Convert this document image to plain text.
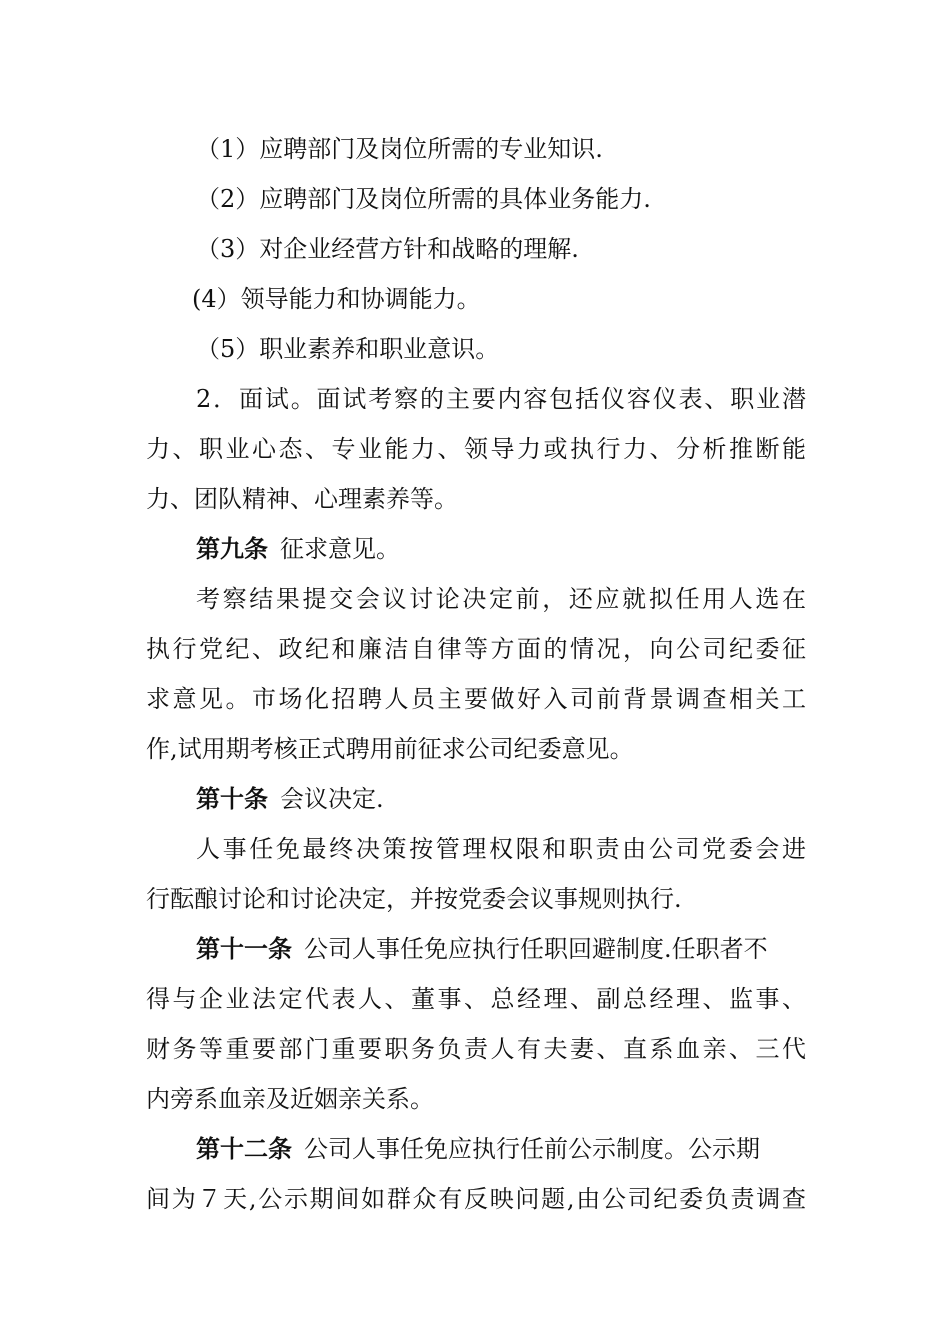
（1）应聘部门及岗位所需的专业知识.
（2）应聘部门及岗位所需的具体业务能力.
（3）对企业经营方针和战略的理解.
(4）领导能力和协调能力。
（5）职业素养和职业意识。
2．面试。面试考察的主要内容包括仪容仪表、职业潜
力、职业心态、专业能力、领导力或执行力、分析推断能
力、团队精神、心理素养等。
第九条 征求意见。
考察结果提交会议讨论决定前，还应就拟任用人选在
执行党纪、政纪和廉洁自律等方面的情况，向公司纪委征
求意见。市场化招聘人员主要做好入司前背景调查相关工
作,试用期考核正式聘用前征求公司纪委意见。
第十条 会议决定.
人事任免最终决策按管理权限和职责由公司党委会进
行酝酿讨论和讨论决定，并按党委会议事规则执行.
第十一条 公司人事任免应执行任职回避制度.任职者不
得与企业法定代表人、董事、总经理、副总经理、监事、
财务等重要部门重要职务负责人有夫妻、直系血亲、三代
内旁系血亲及近姻亲关系。
第十二条 公司人事任免应执行任前公示制度。公示期
间为７天,公示期间如群众有反映问题,由公司纪委负责调查
